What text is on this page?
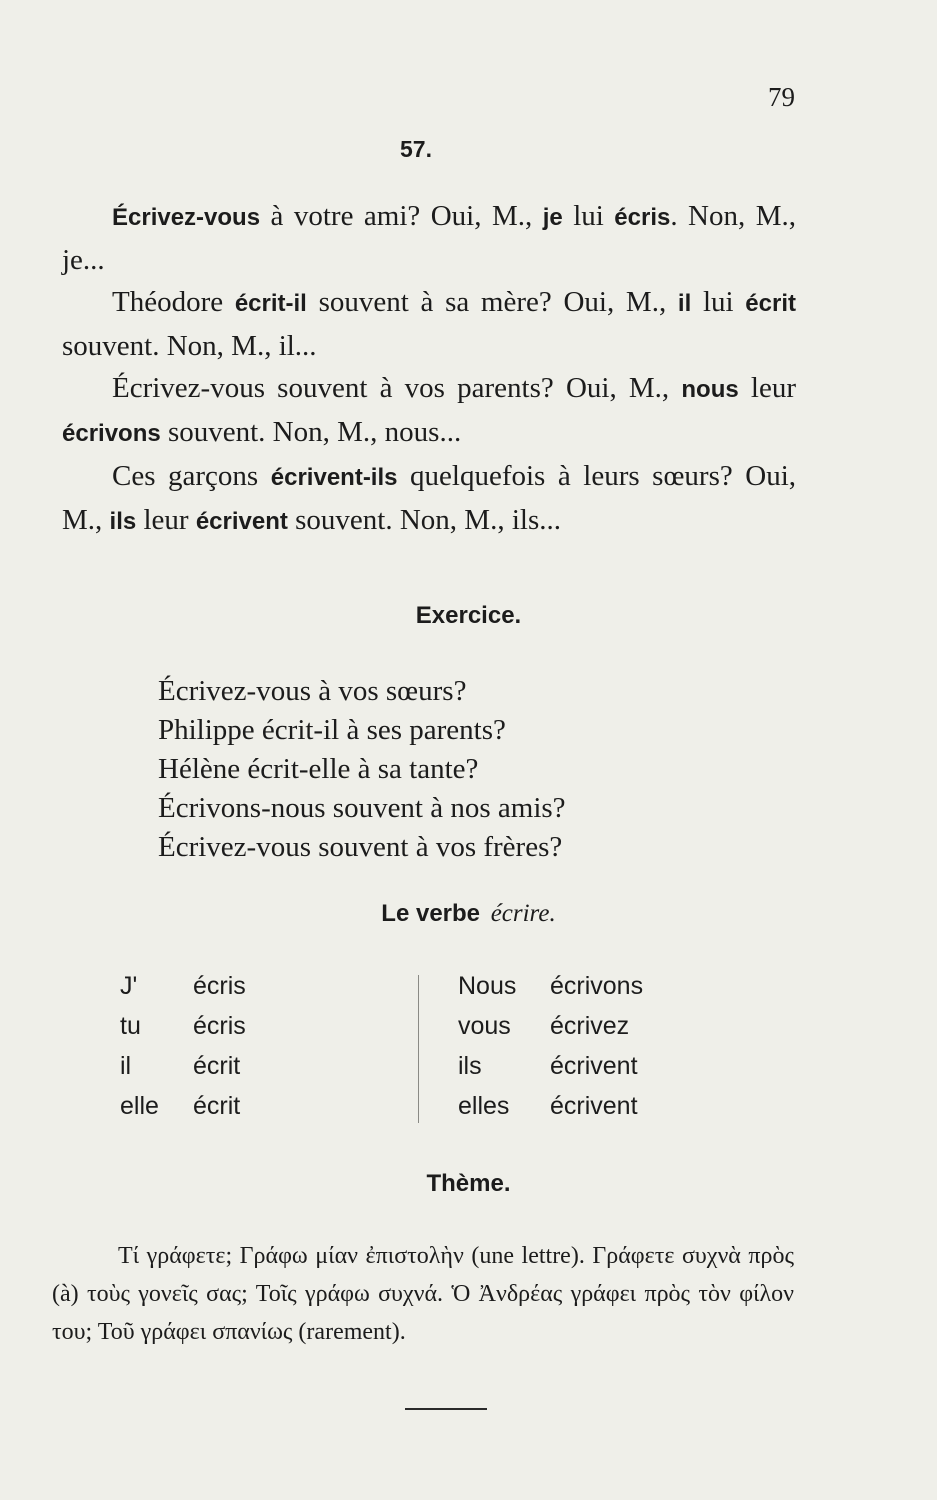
79
57.

Écrivez-vous à votre ami? Oui, M., je lui écris. Non, M., je...

Théodore écrit-il souvent à sa mère? Oui, M., il lui écrit souvent. Non, M., il...

Écrivez-vous souvent à vos parents? Oui, M., nous leur écrivons souvent. Non, M., nous...

Ces garçons écrivent-ils quelquefois à leurs sœurs? Oui, M., ils leur écrivent souvent. Non, M., ils...

Exercice.
Écrivez-vous à vos sœurs?
Philippe écrit-il à ses parents?
Hélène écrit-elle à sa tante?
Écrivons-nous souvent à nos amis?
Écrivez-vous souvent à vos frères?
Le verbe écrire.
J'	écris
tu	écris
il	écrit
elle	écrit
Nous	écrivons
vous	écrivez
ils	écrivent
elles	écrivent
Thème.

Τί γράφετε; Γράφω μίαν ἐπιστολὴν (une lettre). Γράφετε συχνὰ πρὸς (à) τοὺς γονεῖς σας; Τοῖς γράφω συχνά. Ὁ Ἀνδρέας γράφει πρὸς τὸν φίλον του; Τοῦ γράφει σπανίως (rarement).
